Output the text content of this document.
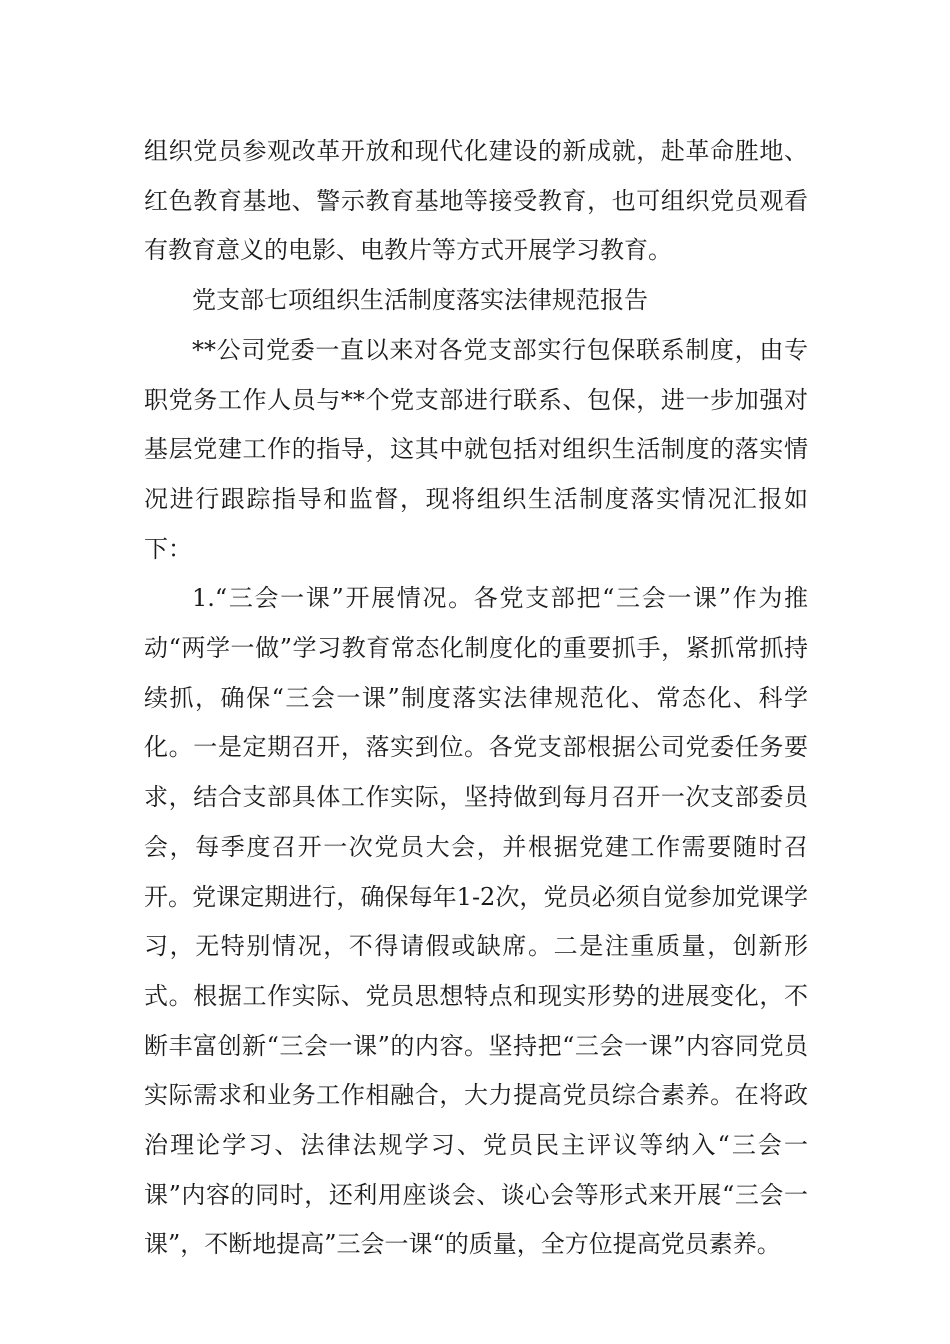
组织党员参观改革开放和现代化建设的新成就，赴革命胜地、红色教育基地、警示教育基地等接受教育，也可组织党员观看有教育意义的电影、电教片等方式开展学习教育。

党支部七项组织生活制度落实法律规范报告

**公司党委一直以来对各党支部实行包保联系制度，由专职党务工作人员与**个党支部进行联系、包保，进一步加强对基层党建工作的指导，这其中就包括对组织生活制度的落实情况进行跟踪指导和监督，现将组织生活制度落实情况汇报如下：

1.“三会一课”开展情况。各党支部把“三会一课”作为推动“两学一做”学习教育常态化制度化的重要抓手，紧抓常抓持续抓，确保“三会一课”制度落实法律规范化、常态化、科学化。一是定期召开，落实到位。各党支部根据公司党委任务要求，结合支部具体工作实际，坚持做到每月召开一次支部委员会，每季度召开一次党员大会，并根据党建工作需要随时召开。党课定期进行，确保每年1-2次，党员必须自觉参加党课学习，无特别情况，不得请假或缺席。二是注重质量，创新形式。根据工作实际、党员思想特点和现实形势的进展变化，不断丰富创新“三会一课”的内容。坚持把“三会一课”内容同党员实际需求和业务工作相融合，大力提高党员综合素养。在将政治理论学习、法律法规学习、党员民主评议等纳入“三会一课”内容的同时，还利用座谈会、谈心会等形式来开展“三会一课”，不断地提高”三会一课“的质量，全方位提高党员素养。
